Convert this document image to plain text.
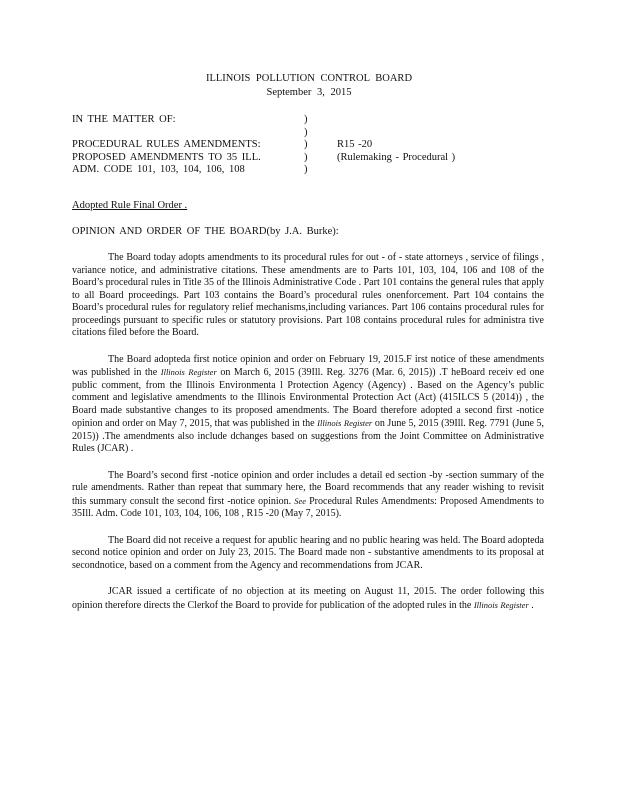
ILLINOIS POLLUTION CONTROL BOARD
September 3, 2015
IN THE MATTER OF:	)
)
PROCEDURAL RULES AMENDMENTS:	)	R15 -20
PROPOSED AMENDMENTS TO 35 ILL.	)	(Rulemaking - Procedural )
ADM. CODE 101, 103, 104, 106, 108	)
Adopted Rule Final Order .
OPINION AND ORDER OF THE BOARD(by J.A. Burke):

The Board today adopts amendments to its procedural rules for out - of - state attorneys , service of filings , variance notice, and administrative citations. These amendments are to Parts 101, 103, 104, 106 and 108 of the Board’s procedural rules in Title 35 of the Illinois Administrative Code . Part 101 contains the general rules that apply to all Board proceedings. Part 103 contains the Board’s procedural rules onenforcement. Part 104 contains the Board’s procedural rules for regulatory relief mechanisms,including variances. Part 106 contains procedural rules for proceedings pursuant to specific rules or statutory provisions. Part 108 contains procedural rules for administra tive citations filed before the Board.

The Board adopteda first notice opinion and order on February 19, 2015.F irst notice of these amendments was published in the Illinois Register on March 6, 2015 (39Ill. Reg. 3276 (Mar. 6, 2015)) .T heBoard receiv ed one public comment, from the Illinois Environmenta l Protection Agency (Agency) . Based on the Agency’s public comment and legislative amendments to the Illinois Environmental Protection Act (Act) (415ILCS 5 (2014)) , the Board made substantive changes to its proposed amendments. The Board therefore adopted a second first -notice opinion and order on May 7, 2015, that was published in the Illinois Register on June 5, 2015 (39Ill. Reg. 7791 (June 5, 2015)) .The amendments also include dchanges based on suggestions from the Joint Committee on Administrative Rules (JCAR) .

The Board’s second first -notice opinion and order includes a detail ed section -by -section summary of the rule amendments. Rather than repeat that summary here, the Board recommends that any reader wishing to revisit this summary consult the second first -notice opinion. See Procedural Rules Amendments: Proposed Amendments to 35Ill. Adm. Code 101, 103, 104, 106, 108 , R15 -20 (May 7, 2015).

The Board did not receive a request for apublic hearing and no public hearing was held. The Board adopteda second notice opinion and order on July 23, 2015. The Board made non - substantive amendments to its proposal at secondnotice, based on a comment from the Agency and recommendations from JCAR.

JCAR issued a certificate of no objection at its meeting on August 11, 2015. The order following this opinion therefore directs the Clerkof the Board to provide for publication of the adopted rules in the Illinois Register .
